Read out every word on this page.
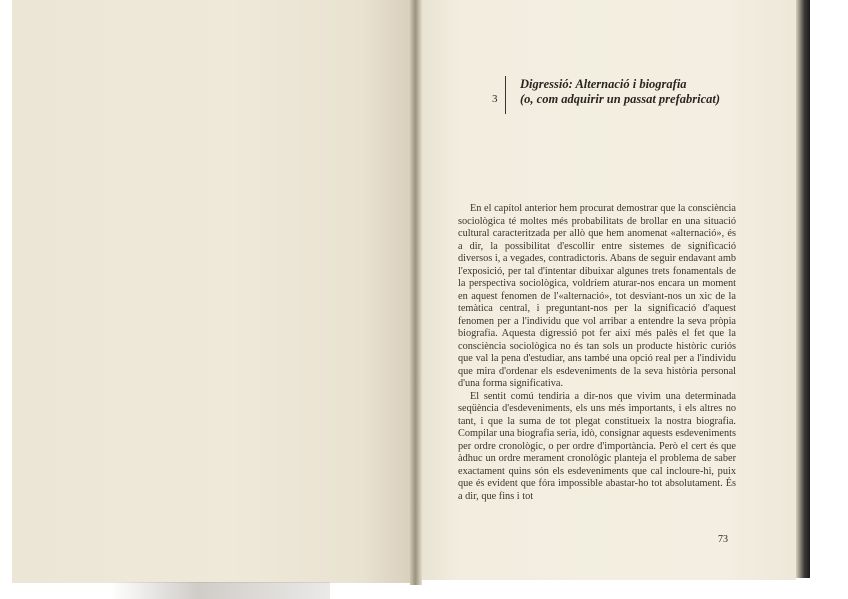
3
Digressió: Alternació i biografia
(o, com adquirir un passat prefabricat)

En el capítol anterior hem procurat demostrar que la consciència sociològica té moltes més probabilitats de brollar en una situació cultural caracteritzada per allò que hem anomenat «alternació», és a dir, la possibilitat d'escollir entre sistemes de significació diversos i, a vegades, contradictoris. Abans de seguir endavant amb l'exposició, per tal d'intentar dibuixar algunes trets fonamentals de la perspectiva sociològica, voldríem aturar-nos encara un moment en aquest fenomen de l'«alternació», tot desviant-nos un xic de la temàtica central, i preguntant-nos per la significació d'aquest fenomen per a l'individu que vol arribar a entendre la seva pròpia biografia. Aquesta digressió pot fer així més palès el fet que la consciència sociològica no és tan sols un producte històric curiós que val la pena d'estudiar, ans també una opció real per a l'individu que mira d'ordenar els esdeveniments de la seva història personal d'una forma significativa.

El sentit comú tendiria a dir-nos que vivim una determinada seqüència d'esdeveniments, els uns més importants, i els altres no tant, i que la suma de tot plegat constitueix la nostra biografia. Compilar una biografia seria, idò, consignar aquests esdeveniments per ordre cronològic, o per ordre d'importància. Però el cert és que àdhuc un ordre merament cronològic planteja el problema de saber exactament quins són els esdeveniments que cal incloure-hi, puix que és evident que fóra impossible abastar-ho tot absolutament. És a dir, que fins i tot

73
